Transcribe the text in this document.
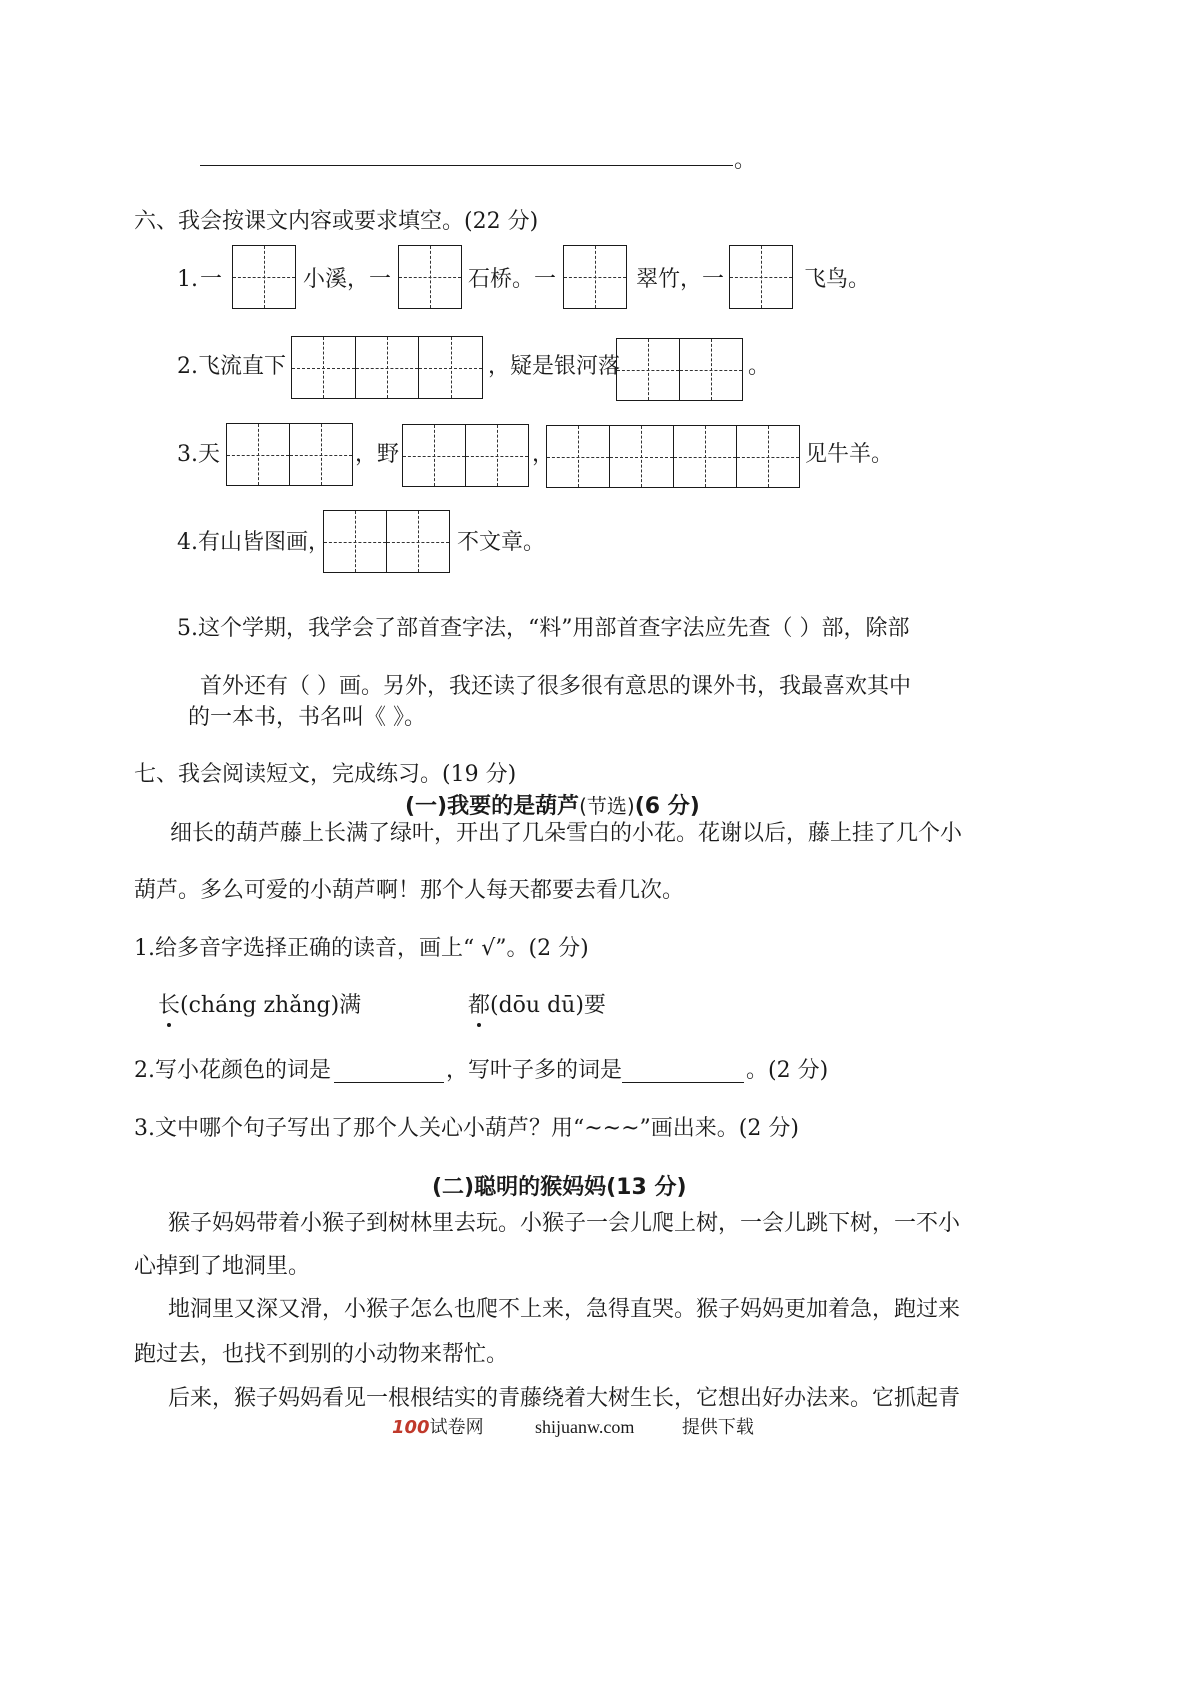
。
六、我会按课文内容或要求填空。(22 分)
1. 一	小溪，一	石桥。一	翠竹，一	飞鸟。
2.飞流直下	，疑是银河落	。
3.天	，野	，	见牛羊。
4.有山皆图画，	不文章。
5.这个学期，我学会了部首查字法，“料”用部首查字法应先查（ ）部，除部
首外还有（ ）画。另外，我还读了很多很有意思的课外书，我最喜欢其中
的一本书，书名叫《 》。
七、我会阅读短文，完成练习。(19 分)
(一)我要的是葫芦(节选)(6 分)
细长的葫芦藤上长满了绿叶，开出了几朵雪白的小花。花谢以后，藤上挂了几个小
葫芦。多么可爱的小葫芦啊！那个人每天都要去看几次。
1.给多音字选择正确的读音，画上“ √”。(2 分)
长(cháng zhǎng)满	都(dōu dū)要
2.写小花颜色的词是	，写叶子多的词是	。(2 分)
3.文中哪个句子写出了那个人关心小葫芦？用“~~~”画出来。(2 分)
(二)聪明的猴妈妈(13 分)
猴子妈妈带着小猴子到树林里去玩。小猴子一会儿爬上树，一会儿跳下树，一不小
心掉到了地洞里。
地洞里又深又滑，小猴子怎么也爬不上来，急得直哭。猴子妈妈更加着急，跑过来
跑过去，也找不到别的小动物来帮忙。
后来，猴子妈妈看见一根根结实的青藤绕着大树生长，它想出好办法来。它抓起青
100试卷网	shijuanw.com	提供下载
